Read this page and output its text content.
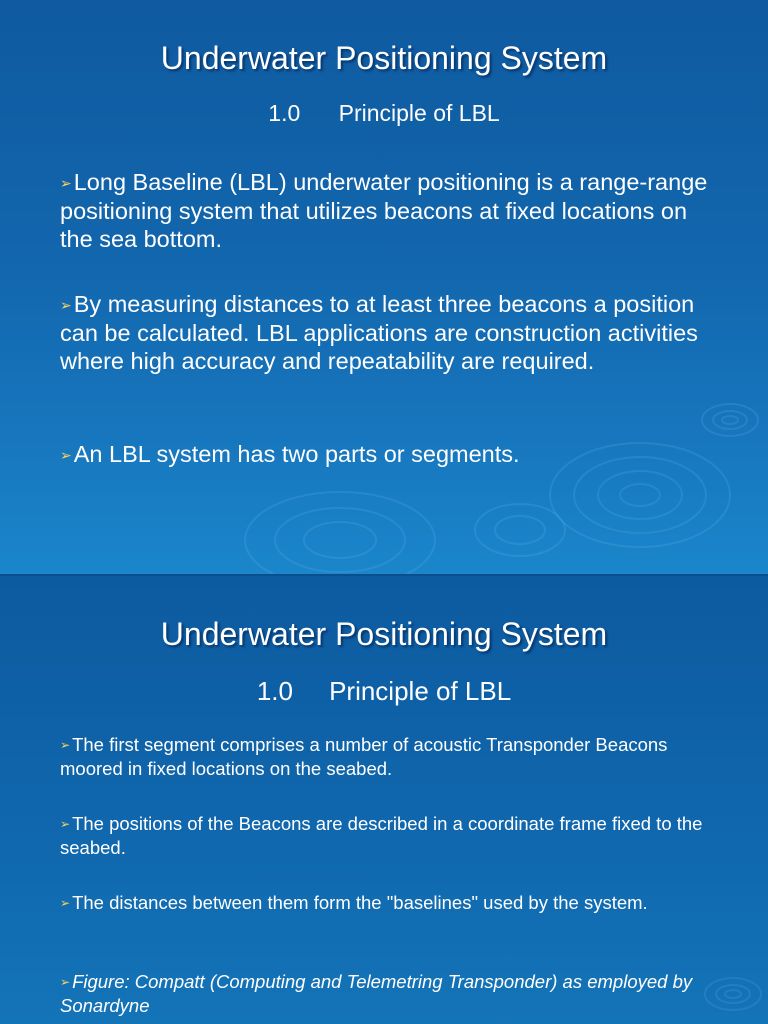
Underwater Positioning System
1.0      Principle of LBL
➢Long Baseline (LBL) underwater positioning is a range-range positioning system that utilizes beacons at fixed locations on the sea bottom.
➢By measuring distances to at least three beacons a position can be calculated. LBL applications are construction activities where high accuracy and repeatability are required.
➢An LBL system has two parts or segments.
Underwater Positioning System
1.0     Principle of LBL
➢ The first segment comprises a number of acoustic Transponder Beacons moored in fixed locations on the seabed.
➢ The positions of the Beacons are described in a coordinate frame fixed to the seabed.
➢ The distances between them form the "baselines" used by the system.
➢ Figure: Compatt (Computing and Telemetring Transponder) as employed by Sonardyne
